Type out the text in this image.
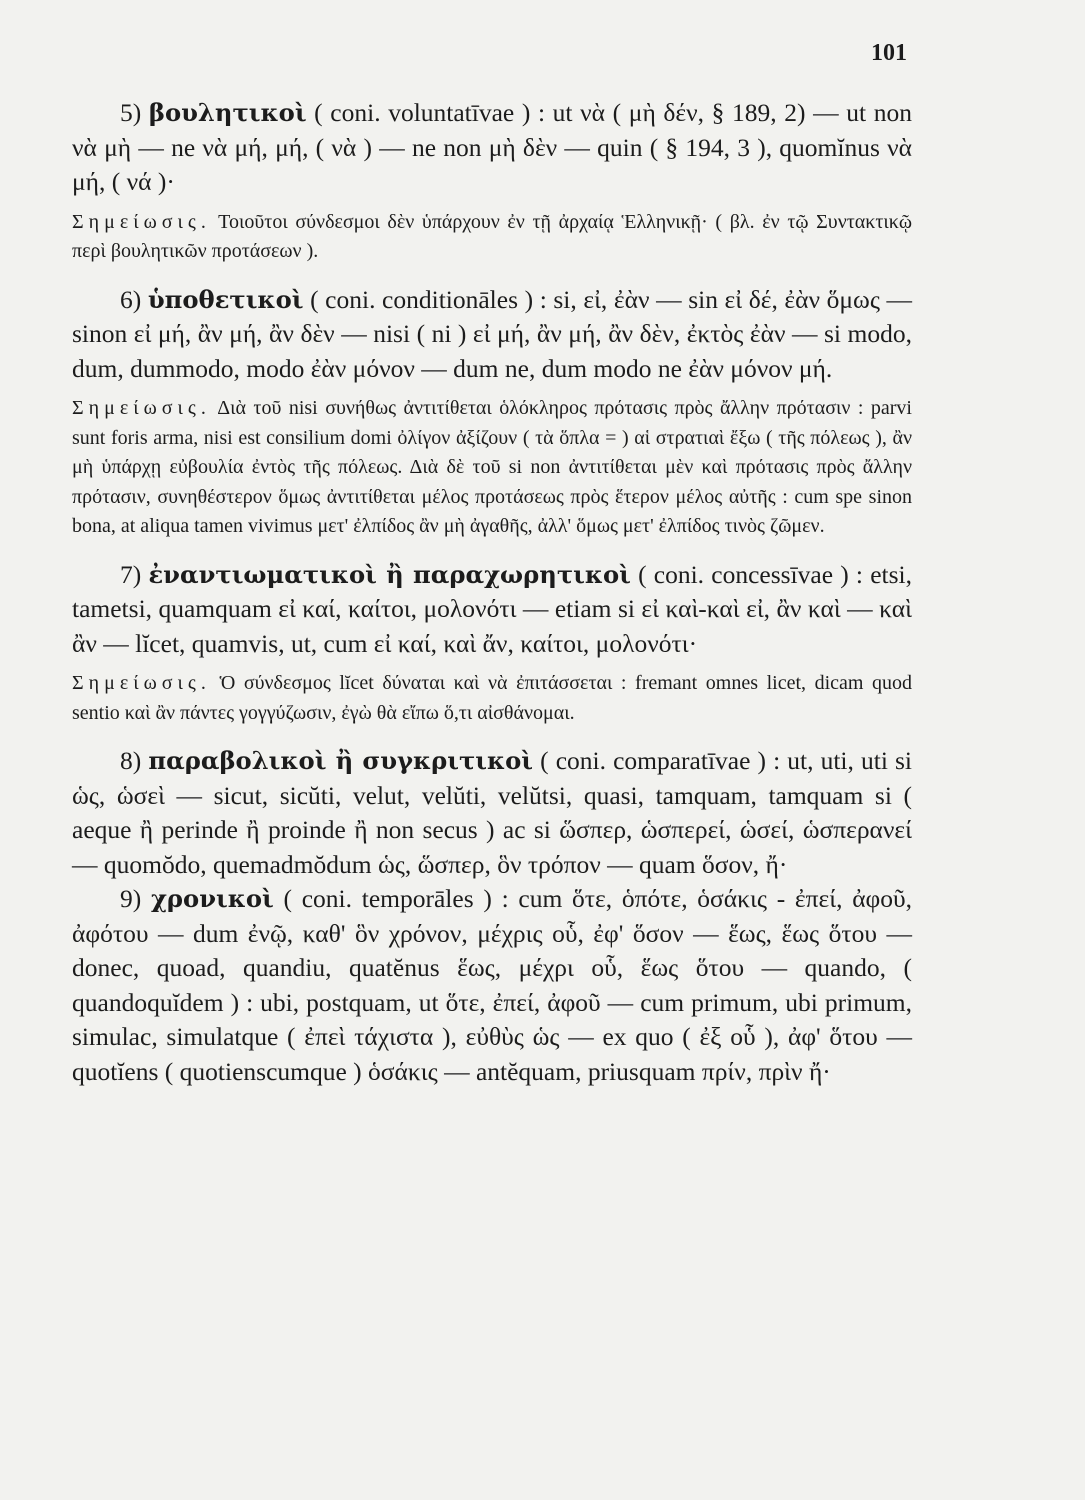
101

5) βουλητικοὶ ( coni. voluntatīvae ) : ut νὰ ( μὴ δέν, § 189, 2) — ut non νὰ μὴ — ne νὰ μή, μή, ( νὰ ) — ne non μὴ δὲν — quin ( § 194, 3 ), quomĭnus νὰ μή, ( νά )·

Σημείωσις. Τοιοῦτοι σύνδεσμοι δὲν ὑπάρχουν ἐν τῇ ἀρχαίᾳ Ἑλληνικῇ· ( βλ. ἐν τῷ Συντακτικῷ περὶ βουλητικῶν προτάσεων ).

6) ὑποθετικοὶ ( coni. conditionāles ) : si, εἰ, ἐὰν — sin εἰ δέ, ἐὰν ὅμως — sinon εἰ μή, ἂν μή, ἂν δὲν — nisi ( ni ) εἰ μή, ἂν μή, ἂν δὲν, ἐκτὸς ἐὰν — si modo, dum, dummodo, modo ἐὰν μόνον — dum ne, dum modo ne ἐὰν μόνον μή.

Σημείωσις. Διὰ τοῦ nisi συνήθως ἀντιτίθεται ὁλόκληρος πρότασις πρὸς ἄλλην πρότασιν : parvi sunt foris arma, nisi est consilium domi ὀλίγον ἀξίζουν ( τὰ ὅπλα = ) αἱ στρατιαὶ ἔξω ( τῆς πόλεως ), ἂν μὴ ὑπάρχῃ εὐβουλία ἐντὸς τῆς πόλεως. Διὰ δὲ τοῦ si non ἀντιτίθεται μὲν καὶ πρότασις πρὸς ἄλλην πρότασιν, συνηθέστερον ὅμως ἀντιτίθεται μέλος προτάσεως πρὸς ἕτερον μέλος αὐτῆς : cum spe sinon bona, at aliqua tamen vivimus μετ' ἐλπίδος ἂν μὴ ἀγαθῆς, ἀλλ' ὅμως μετ' ἐλπίδος τινὸς ζῶμεν.

7) ἐναντιωματικοὶ ἢ παραχωρητικοὶ ( coni. concessīvae ) : etsi, tametsi, quamquam εἰ καί, καίτοι, μολονότι — etiam si εἰ καὶ-καὶ εἰ, ἂν καὶ — καὶ ἂν — lĭcet, quamvis, ut, cum εἰ καί, καὶ ἄν, καίτοι, μολονότι·

Σημείωσις. Ὁ σύνδεσμος lĭcet δύναται καὶ νὰ ἐπιτάσσεται : fremant omnes licet, dicam quod sentio καὶ ἂν πάντες γογγύζωσιν, ἐγὼ θὰ εἴπω ὅ,τι αἰσθάνομαι.

8) παραβολικοὶ ἢ συγκριτικοὶ ( coni. comparatīvae ) : ut, uti, uti si ὡς, ὡσεὶ — sicut, sicŭti, velut, velŭti, velŭtsi, quasi, tamquam, tamquam si ( aeque ἢ perinde ἢ proinde ἢ non secus ) ac si ὥσπερ, ὡσπερεί, ὡσεί, ὡσπερανεί — quomŏdo, quemadmŏdum ὡς, ὥσπερ, ὃν τρόπον — quam ὅσον, ἤ·

9) χρονικοὶ ( coni. temporāles ) : cum ὅτε, ὁπότε, ὁσάκις - ἐπεί, ἀφοῦ, ἀφότου — dum ἐνῷ, καθ' ὃν χρόνον, μέχρις οὗ, ἐφ' ὅσον — ἕως, ἕως ὅτου — donec, quoad, quandiu, quatĕnus ἕως, μέχρι οὗ, ἕως ὅτου — quando, ( quandoquĭdem ) : ubi, postquam, ut ὅτε, ἐπεί, ἀφοῦ — cum primum, ubi primum, simulac, simulatque ( ἐπεὶ τάχιστα ), εὐθὺς ὡς — ex quo ( ἐξ οὗ ), ἀφ' ὅτου — quotĭens ( quotienscumque ) ὁσάκις — antĕquam, priusquam πρίν, πρὶν ἤ·
